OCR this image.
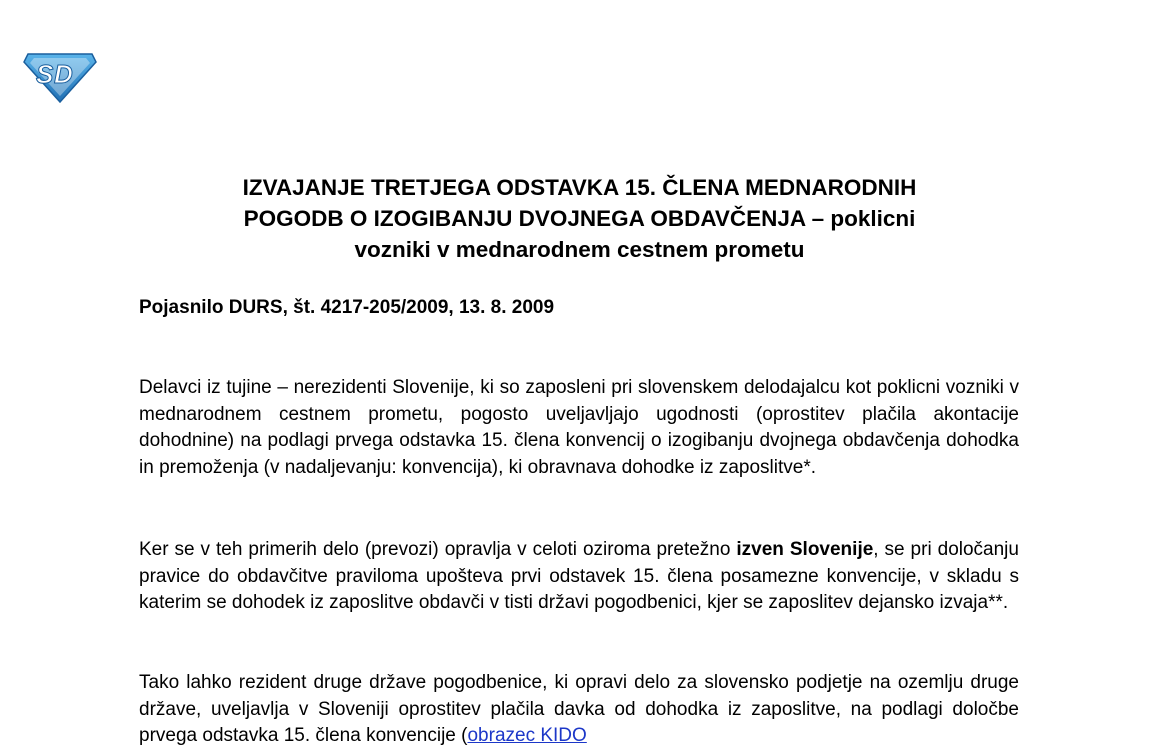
S D
IZVAJANJE TRETJEGA ODSTAVKA 15. ČLENA MEDNARODNIH
POGODB O IZOGIBANJU DVOJNEGA OBDAVČENJA – poklicni
vozniki v mednarodnem cestnem prometu

Pojasnilo DURS, št. 4217-205/2009, 13. 8. 2009

Delavci iz tujine – nerezidenti Slovenije, ki so zaposleni pri slovenskem delodajalcu kot poklicni vozniki v mednarodnem cestnem prometu, pogosto uveljavljajo ugodnosti (oprostitev plačila akontacije dohodnine) na podlagi prvega odstavka 15. člena konvencij o izogibanju dvojnega obdavčenja dohodka in premoženja (v nadaljevanju: konvencija), ki obravnava dohodke iz zaposlitve*.

Ker se v teh primerih delo (prevozi) opravlja v celoti oziroma pretežno izven Slovenije, se pri določanju pravice do obdavčitve praviloma upošteva prvi odstavek 15. člena posamezne konvencije, v skladu s katerim se dohodek iz zaposlitve obdavči v tisti državi pogodbenici, kjer se zaposlitev dejansko izvaja**.

Tako lahko rezident druge države pogodbenice, ki opravi delo za slovensko podjetje na ozemlju druge države, uveljavlja v Sloveniji oprostitev plačila davka od dohodka iz zaposlitve, na podlagi določbe prvega odstavka 15. člena konvencije (obrazec KIDO
